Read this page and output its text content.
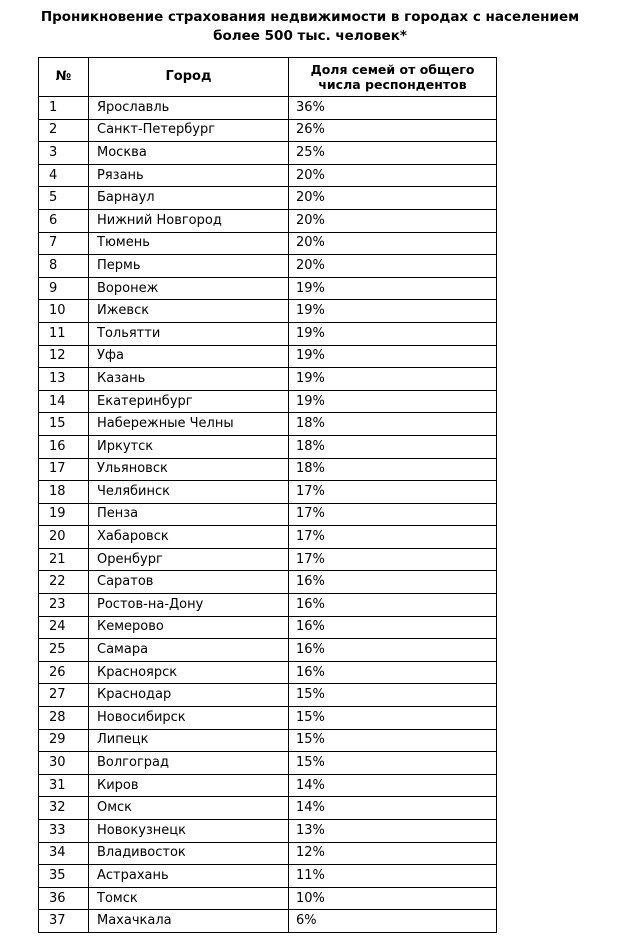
Проникновение страхования недвижимости в городах с населением
более 500 тыс. человек*
№	Город	Доля семей от общего
числа респондентов
1	Ярославль	36%
2	Санкт-Петербург	26%
3	Москва	25%
4	Рязань	20%
5	Барнаул	20%
6	Нижний Новгород	20%
7	Тюмень	20%
8	Пермь	20%
9	Воронеж	19%
10	Ижевск	19%
11	Тольятти	19%
12	Уфа	19%
13	Казань	19%
14	Екатеринбург	19%
15	Набережные Челны	18%
16	Иркутск	18%
17	Ульяновск	18%
18	Челябинск	17%
19	Пенза	17%
20	Хабаровск	17%
21	Оренбург	17%
22	Саратов	16%
23	Ростов-на-Дону	16%
24	Кемерово	16%
25	Самара	16%
26	Красноярск	16%
27	Краснодар	15%
28	Новосибирск	15%
29	Липецк	15%
30	Волгоград	15%
31	Киров	14%
32	Омск	14%
33	Новокузнецк	13%
34	Владивосток	12%
35	Астрахань	11%
36	Томск	10%
37	Махачкала	6%
